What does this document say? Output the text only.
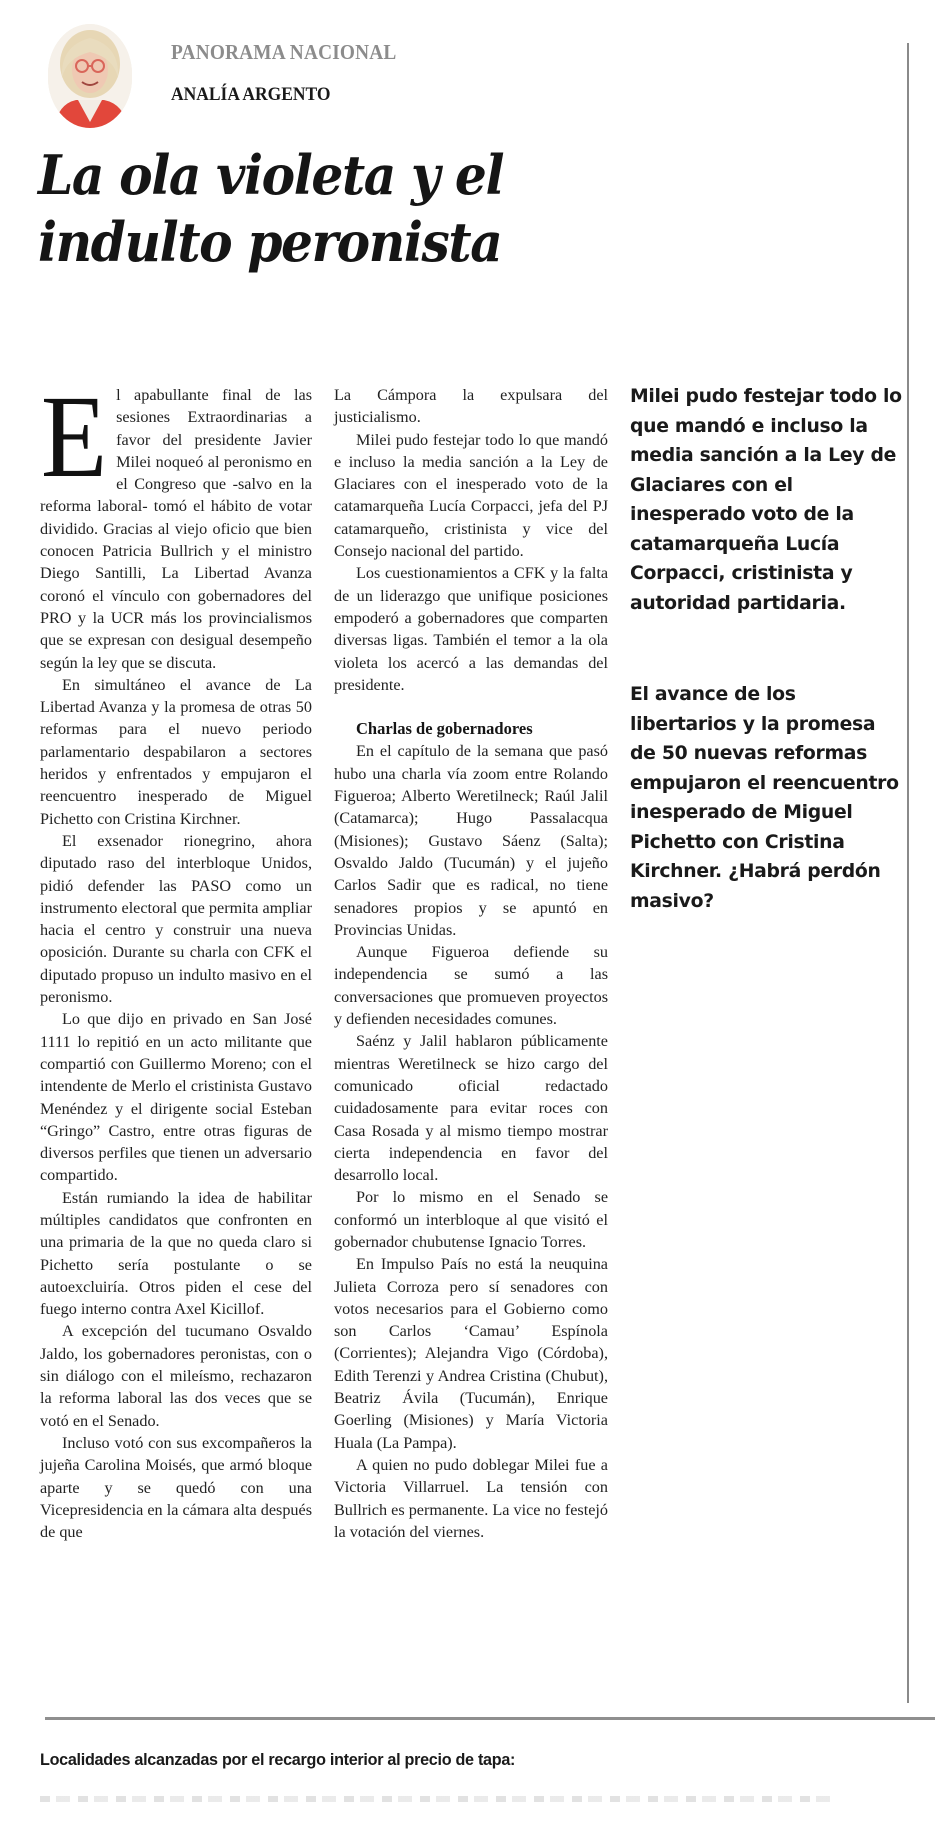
PANORAMA NACIONAL
ANALÍA ARGENTO
La ola violeta y el
indulto peronista

El apabullante final de las sesiones Extraordinarias a favor del presidente Javier Milei noqueó al peronismo en el Congreso que -salvo en la reforma laboral- tomó el hábito de votar dividido. Gracias al viejo oficio que bien conocen Patricia Bullrich y el ministro Diego Santilli, La Libertad Avanza coronó el vínculo con gobernadores del PRO y la UCR más los provincialismos que se expresan con desigual desempeño según la ley que se discuta.

En simultáneo el avance de La Libertad Avanza y la promesa de otras 50 reformas para el nuevo periodo parlamentario despabilaron a sectores heridos y enfrentados y empujaron el reencuentro inesperado de Miguel Pichetto con Cristina Kirchner.

El exsenador rionegrino, ahora diputado raso del interbloque Unidos, pidió defender las PASO como un instrumento electoral que permita ampliar hacia el centro y construir una nueva oposición. Durante su charla con CFK el diputado propuso un indulto masivo en el peronismo.

Lo que dijo en privado en San José 1111 lo repitió en un acto militante que compartió con Guillermo Moreno; con el intendente de Merlo el cristinista Gustavo Menéndez y el dirigente social Esteban “Gringo” Castro, entre otras figuras de diversos perfiles que tienen un adversario compartido.

Están rumiando la idea de habilitar múltiples candidatos que confronten en una primaria de la que no queda claro si Pichetto sería postulante o se autoexcluiría. Otros piden el cese del fuego interno contra Axel Kicillof.

A excepción del tucumano Osvaldo Jaldo, los gobernadores peronistas, con o sin diálogo con el mileísmo, rechazaron la reforma laboral las dos veces que se votó en el Senado.

Incluso votó con sus excompañeros la jujeña Carolina Moisés, que armó bloque aparte y se quedó con una Vicepresidencia en la cámara alta después de que

La Cámpora la expulsara del justicialismo.

Milei pudo festejar todo lo que mandó e incluso la media sanción a la Ley de Glaciares con el inesperado voto de la catamarqueña Lucía Corpacci, jefa del PJ catamarqueño, cristinista y vice del Consejo nacional del partido.

Los cuestionamientos a CFK y la falta de un liderazgo que unifique posiciones empoderó a gobernadores que comparten diversas ligas. También el temor a la ola violeta los acercó a las demandas del presidente.

Charlas de gobernadores

En el capítulo de la semana que pasó hubo una charla vía zoom entre Rolando Figueroa; Alberto Weretilneck; Raúl Jalil (Catamarca); Hugo Passalacqua (Misiones); Gustavo Sáenz (Salta); Osvaldo Jaldo (Tucumán) y el jujeño Carlos Sadir que es radical, no tiene senadores propios y se apuntó en Provincias Unidas.

Aunque Figueroa defiende su independencia se sumó a las conversaciones que promueven proyectos y defienden necesidades comunes.

Saénz y Jalil hablaron públicamente mientras Weretilneck se hizo cargo del comunicado oficial redactado cuidadosamente para evitar roces con Casa Rosada y al mismo tiempo mostrar cierta independencia en favor del desarrollo local.

Por lo mismo en el Senado se conformó un interbloque al que visitó el gobernador chubutense Ignacio Torres.

En Impulso País no está la neuquina Julieta Corroza pero sí senadores con votos necesarios para el Gobierno como son Carlos ‘Camau’ Espínola (Corrientes); Alejandra Vigo (Córdoba), Edith Terenzi y Andrea Cristina (Chubut), Beatriz Ávila (Tucumán), Enrique Goerling (Misiones) y María Victoria Huala (La Pampa).

A quien no pudo doblegar Milei fue a Victoria Villarruel. La tensión con Bullrich es permanente. La vice no festejó la votación del viernes.

Milei pudo festejar todo lo que mandó e incluso la media sanción a la Ley de Glaciares con el inesperado voto de la catamarqueña Lucía Corpacci, cristinista y autoridad partidaria.
El avance de los libertarios y la promesa de 50 nuevas reformas empujaron el reencuentro inesperado de Miguel Pichetto con Cristina Kirchner. ¿Habrá perdón masivo?
Localidades alcanzadas por el recargo interior al precio de tapa:
